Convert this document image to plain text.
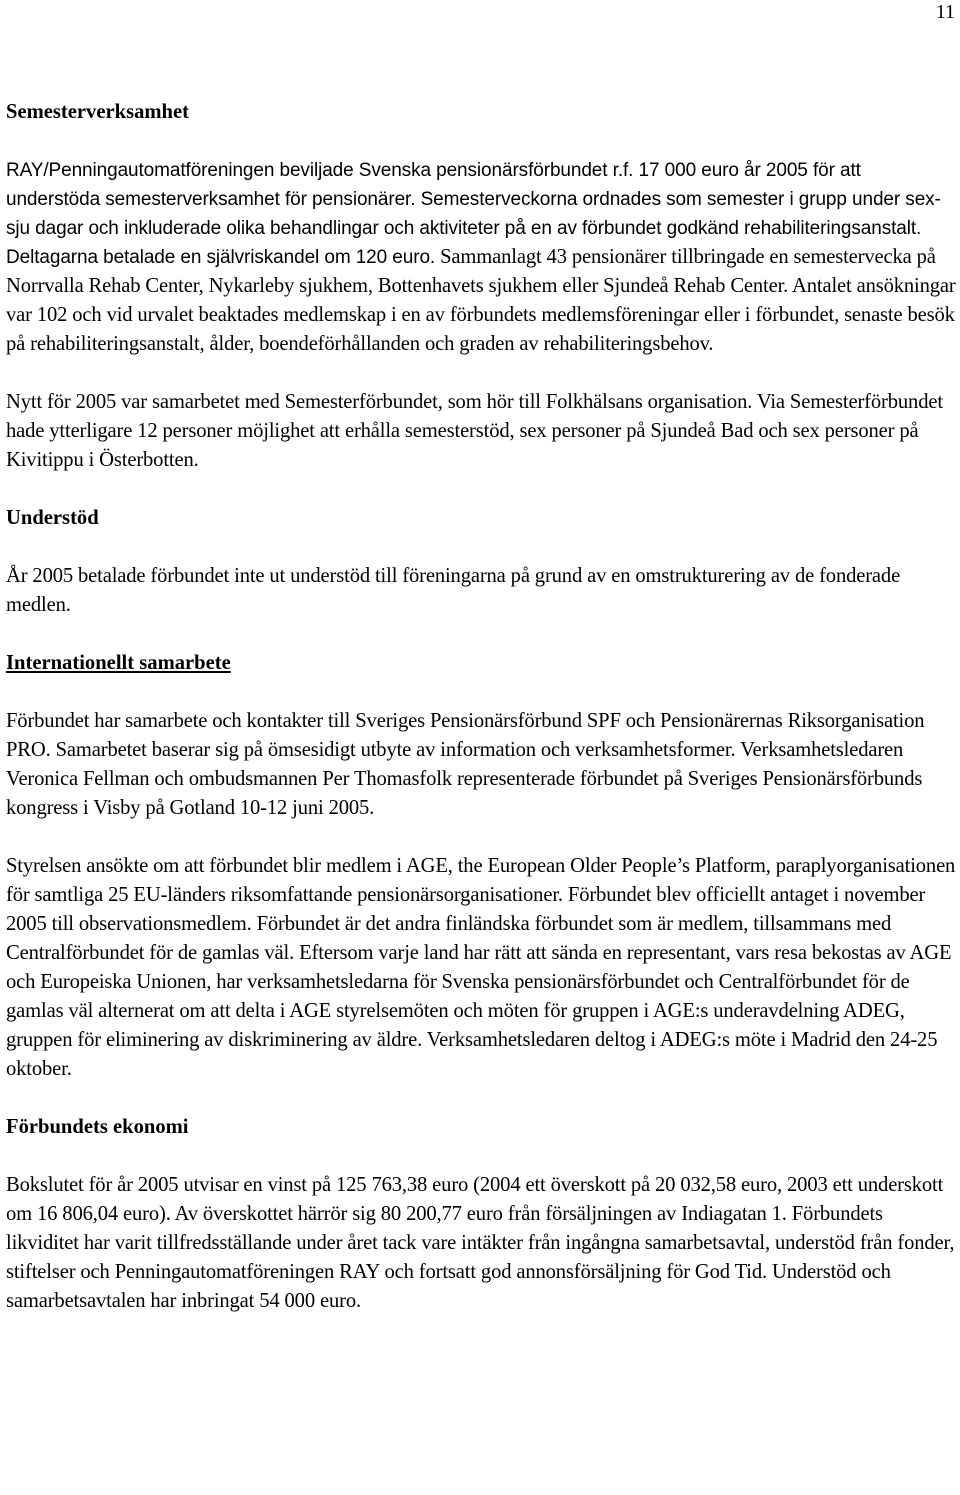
11
Semesterverksamhet

RAY/Penningautomatföreningen beviljade Svenska pensionärsförbundet r.f. 17 000 euro år 2005 för att understöda semesterverksamhet för pensionärer. Semesterveckorna ordnades som semester i grupp under sex-sju dagar och inkluderade olika behandlingar och aktiviteter på en av förbundet godkänd rehabiliteringsanstalt. Deltagarna betalade en självriskandel om 120 euro. Sammanlagt 43 pensionärer tillbringade en semestervecka på Norrvalla Rehab Center, Nykarleby sjukhem, Bottenhavets sjukhem eller Sjundeå Rehab Center. Antalet ansökningar var 102 och vid urvalet beaktades medlemskap i en av förbundets medlemsföreningar eller i förbundet, senaste besök på rehabiliteringsanstalt, ålder, boendeförhållanden och graden av rehabiliteringsbehov.

Nytt för 2005 var samarbetet med Semesterförbundet, som hör till Folkhälsans organisation. Via Semesterförbundet hade ytterligare 12 personer möjlighet att erhålla semesterstöd, sex personer på Sjundeå Bad och sex personer på Kivitippu i Österbotten.

Understöd

År 2005 betalade förbundet inte ut understöd till föreningarna på grund av en omstrukturering av de fonderade medlen.

Internationellt samarbete

Förbundet har samarbete och kontakter till Sveriges Pensionärsförbund SPF och Pensionärernas Riksorganisation PRO. Samarbetet baserar sig på ömsesidigt utbyte av information och verksamhetsformer. Verksamhetsledaren Veronica Fellman och ombudsmannen Per Thomasfolk representerade förbundet på Sveriges Pensionärsförbunds kongress i Visby på Gotland 10-12 juni 2005.

Styrelsen ansökte om att förbundet blir medlem i AGE, the European Older People’s Platform, paraplyorganisationen för samtliga 25 EU-länders riksomfattande pensionärsorganisationer. Förbundet blev officiellt antaget i november 2005 till observationsmedlem. Förbundet är det andra finländska förbundet som är medlem, tillsammans med Centralförbundet för de gamlas väl. Eftersom varje land har rätt att sända en representant, vars resa bekostas av AGE och Europeiska Unionen, har verksamhetsledarna för Svenska pensionärsförbundet och Centralförbundet för de gamlas väl alternerat om att delta i AGE styrelsemöten och möten för gruppen i AGE:s underavdelning ADEG, gruppen för eliminering av diskriminering av äldre. Verksamhetsledaren deltog i ADEG:s möte i Madrid den 24-25 oktober.

Förbundets ekonomi

Bokslutet för år 2005 utvisar en vinst på 125 763,38 euro (2004 ett överskott på 20 032,58 euro, 2003 ett underskott om 16 806,04 euro). Av överskottet härrör sig 80 200,77 euro från försäljningen av Indiagatan 1. Förbundets likviditet har varit tillfredsställande under året tack vare intäkter från ingångna samarbetsavtal, understöd från fonder, stiftelser och Penningautomatföreningen RAY och fortsatt god annonsförsäljning för God Tid. Understöd och samarbetsavtalen har inbringat 54 000 euro.
